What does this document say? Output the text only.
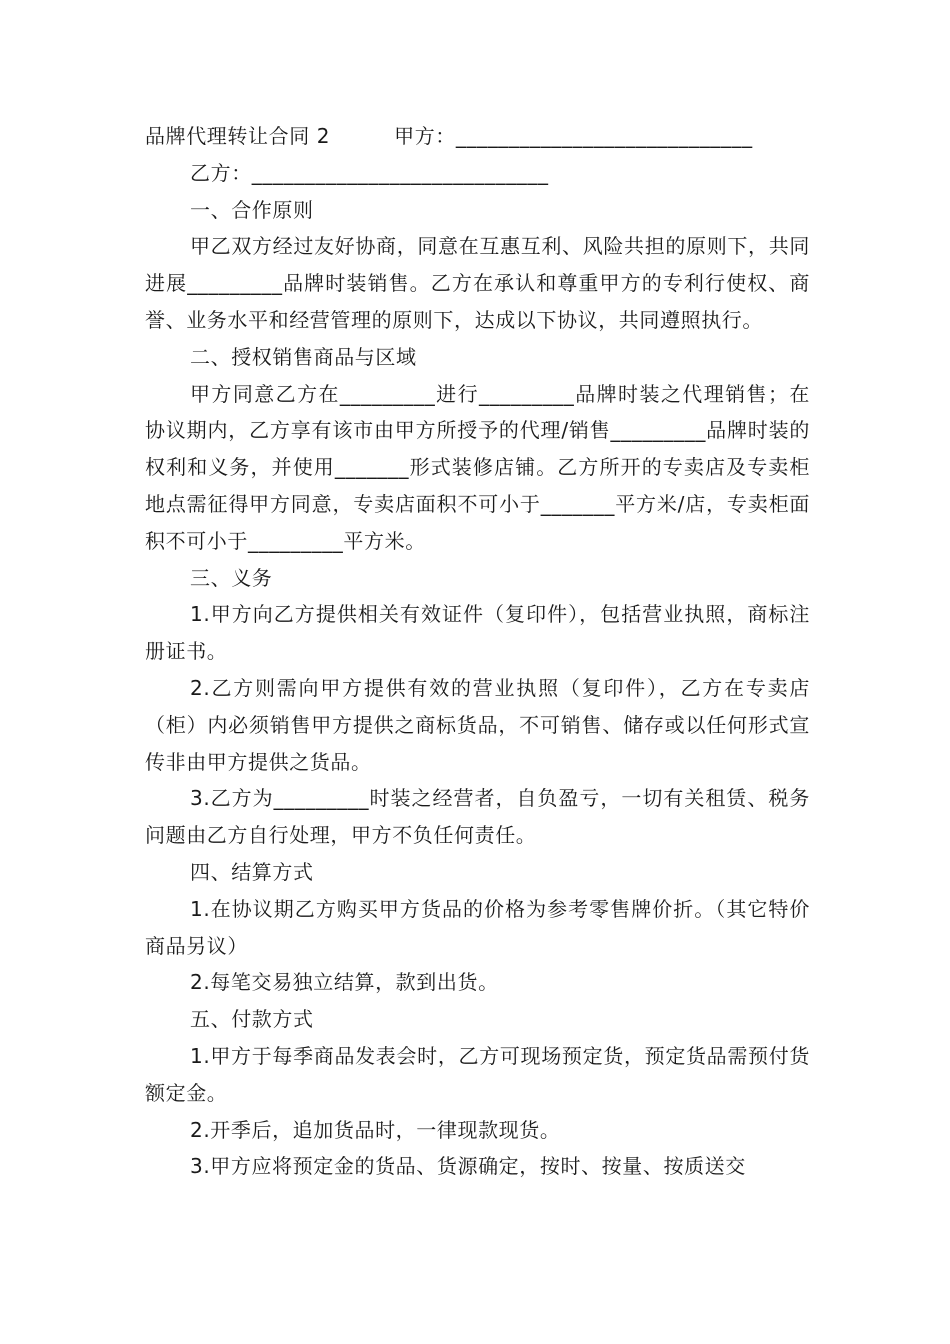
品牌代理转让合同 2	甲方：____________________________

乙方：____________________________

一、合作原则

甲乙双方经过友好协商，同意在互惠互利、风险共担的原则下，共同进展_________品牌时装销售。乙方在承认和尊重甲方的专利行使权、商誉、业务水平和经营管理的原则下，达成以下协议，共同遵照执行。

二、授权销售商品与区域

甲方同意乙方在_________进行_________品牌时装之代理销售；在协议期内，乙方享有该市由甲方所授予的代理/销售_________品牌时装的权利和义务，并使用_______形式装修店铺。乙方所开的专卖店及专卖柜地点需征得甲方同意，专卖店面积不可小于_______平方米/店，专卖柜面积不可小于_________平方米。

三、义务

1.甲方向乙方提供相关有效证件（复印件），包括营业执照，商标注册证书。

2.乙方则需向甲方提供有效的营业执照（复印件），乙方在专卖店（柜）内必须销售甲方提供之商标货品，不可销售、储存或以任何形式宣传非由甲方提供之货品。

3.乙方为_________时装之经营者，自负盈亏，一切有关租赁、税务问题由乙方自行处理，甲方不负任何责任。

四、结算方式

1.在协议期乙方购买甲方货品的价格为参考零售牌价折。（其它特价商品另议）

2.每笔交易独立结算，款到出货。

五、付款方式

1.甲方于每季商品发表会时，乙方可现场预定货，预定货品需预付货额定金。

2.开季后，追加货品时，一律现款现货。

3.甲方应将预定金的货品、货源确定，按时、按量、按质送交
